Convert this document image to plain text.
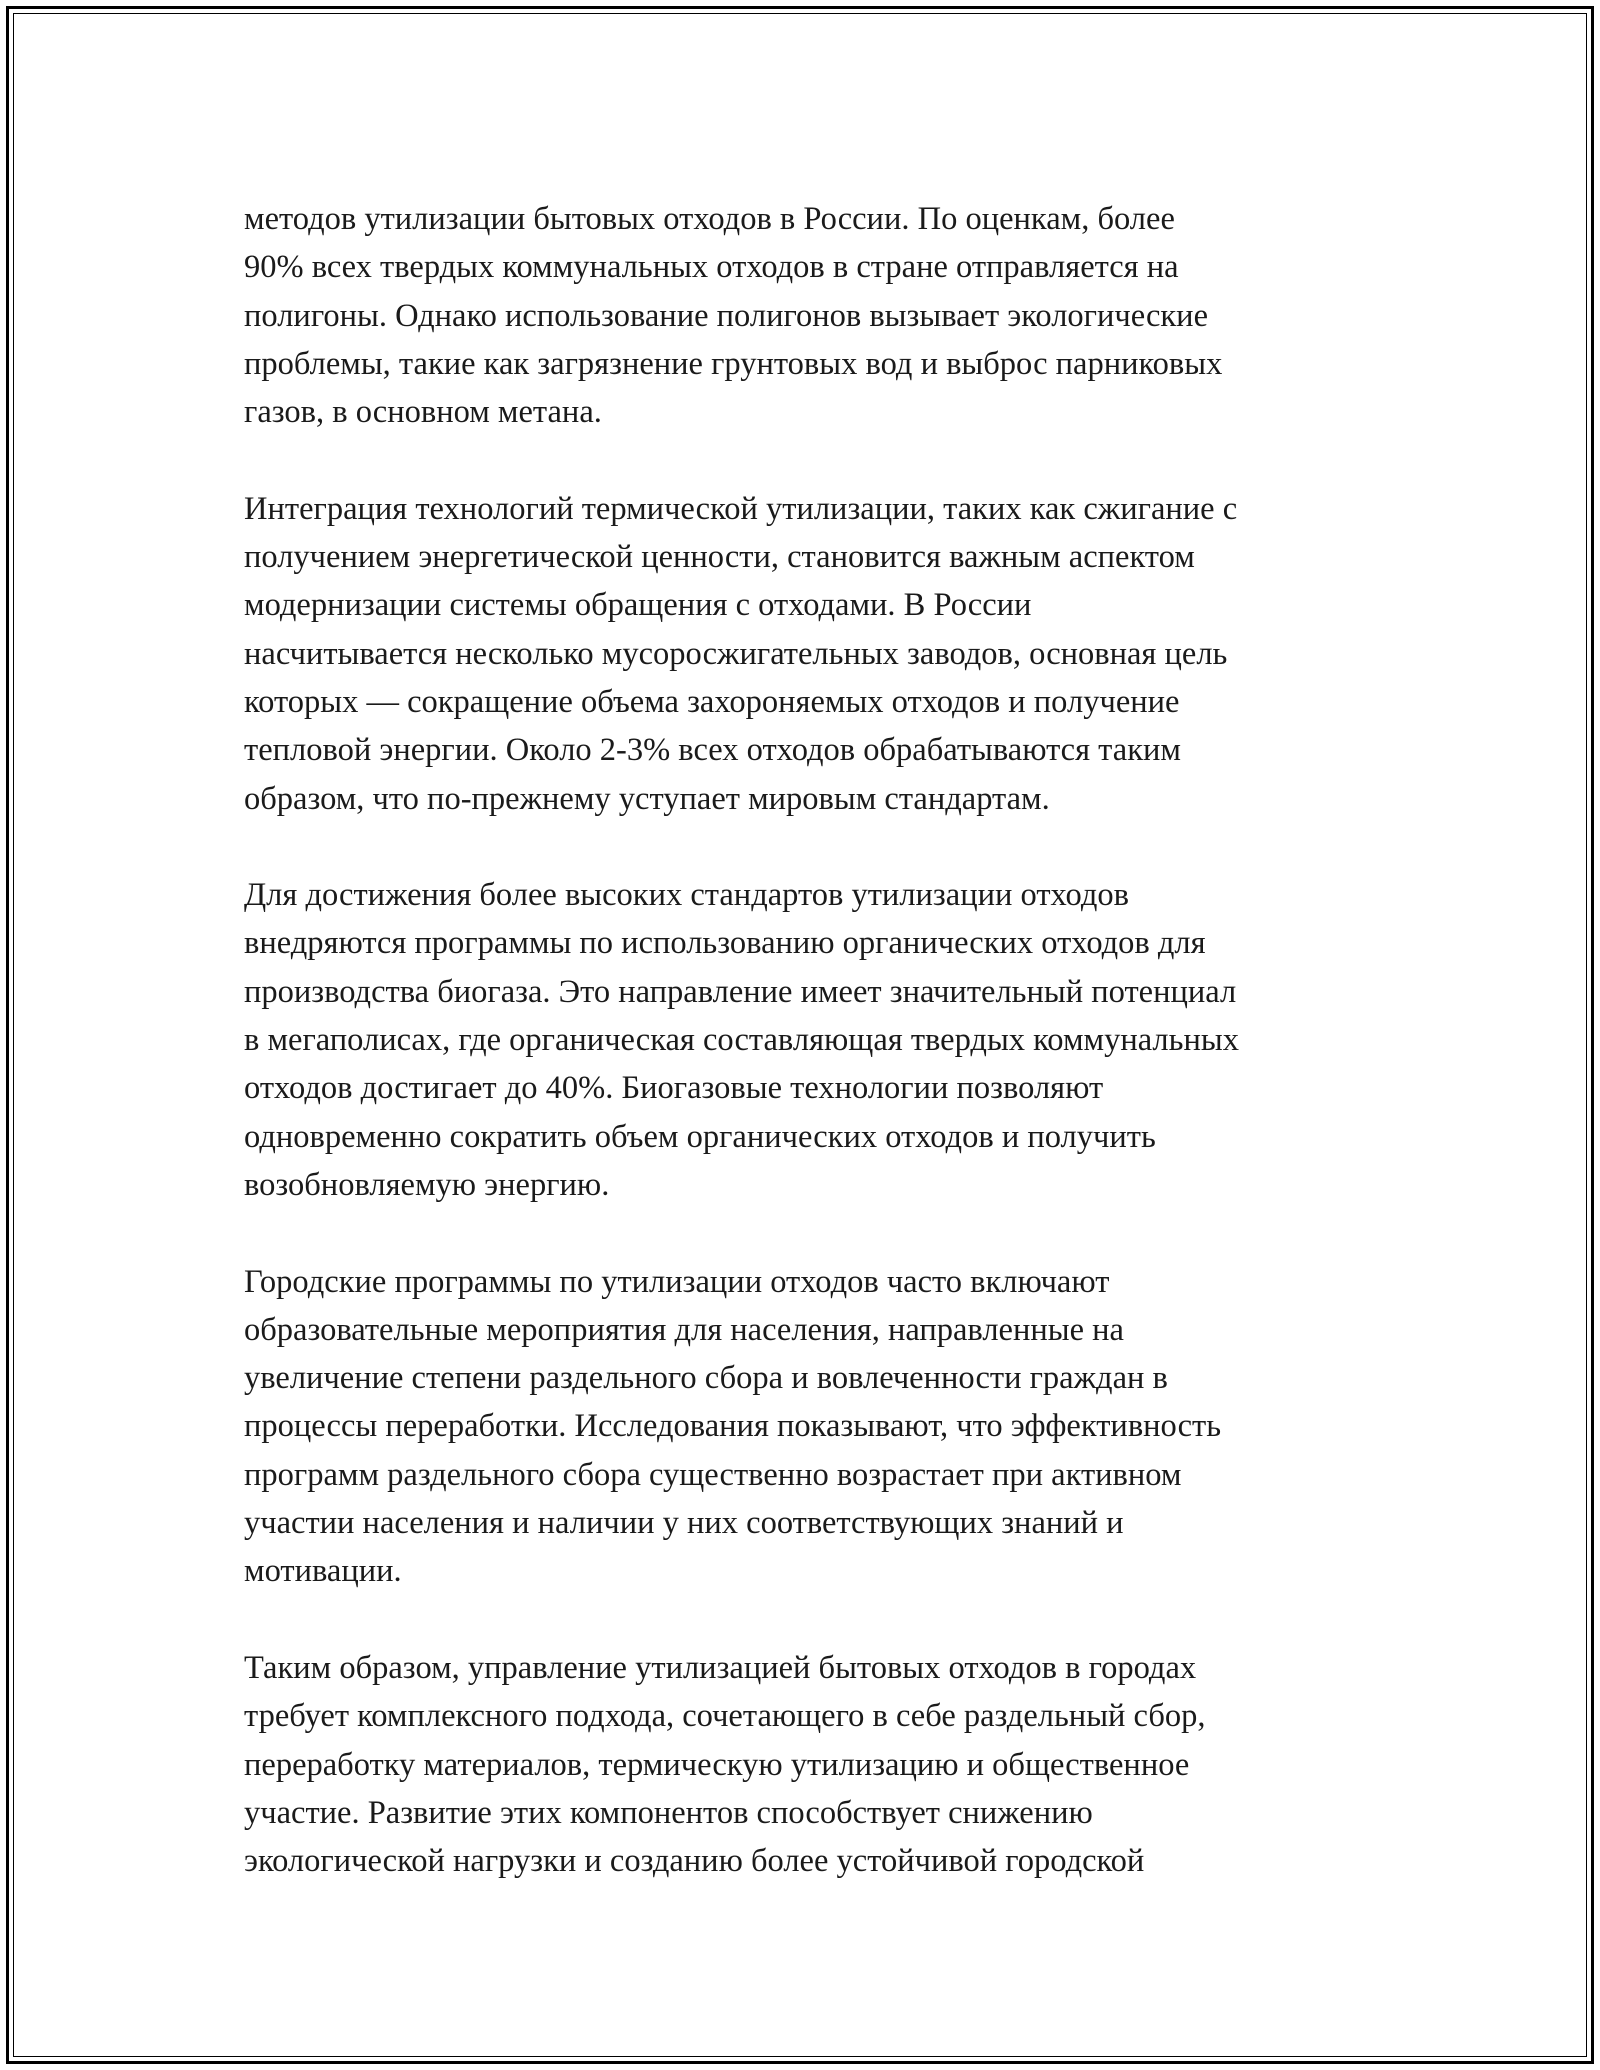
методов утилизации бытовых отходов в России. По оценкам, более
90% всех твердых коммунальных отходов в стране отправляется на
полигоны. Однако использование полигонов вызывает экологические
проблемы, такие как загрязнение грунтовых вод и выброс парниковых
газов, в основном метана.

Интеграция технологий термической утилизации, таких как сжигание с
получением энергетической ценности, становится важным аспектом
модернизации системы обращения с отходами. В России
насчитывается несколько мусоросжигательных заводов, основная цель
которых — сокращение объема захороняемых отходов и получение
тепловой энергии. Около 2-3% всех отходов обрабатываются таким
образом, что по-прежнему уступает мировым стандартам.

Для достижения более высоких стандартов утилизации отходов
внедряются программы по использованию органических отходов для
производства биогаза. Это направление имеет значительный потенциал
в мегаполисах, где органическая составляющая твердых коммунальных
отходов достигает до 40%. Биогазовые технологии позволяют
одновременно сократить объем органических отходов и получить
возобновляемую энергию.

Городские программы по утилизации отходов часто включают
образовательные мероприятия для населения, направленные на
увеличение степени раздельного сбора и вовлеченности граждан в
процессы переработки. Исследования показывают, что эффективность
программ раздельного сбора существенно возрастает при активном
участии населения и наличии у них соответствующих знаний и
мотивации.

Таким образом, управление утилизацией бытовых отходов в городах
требует комплексного подхода, сочетающего в себе раздельный сбор,
переработку материалов, термическую утилизацию и общественное
участие. Развитие этих компонентов способствует снижению
экологической нагрузки и созданию более устойчивой городской
